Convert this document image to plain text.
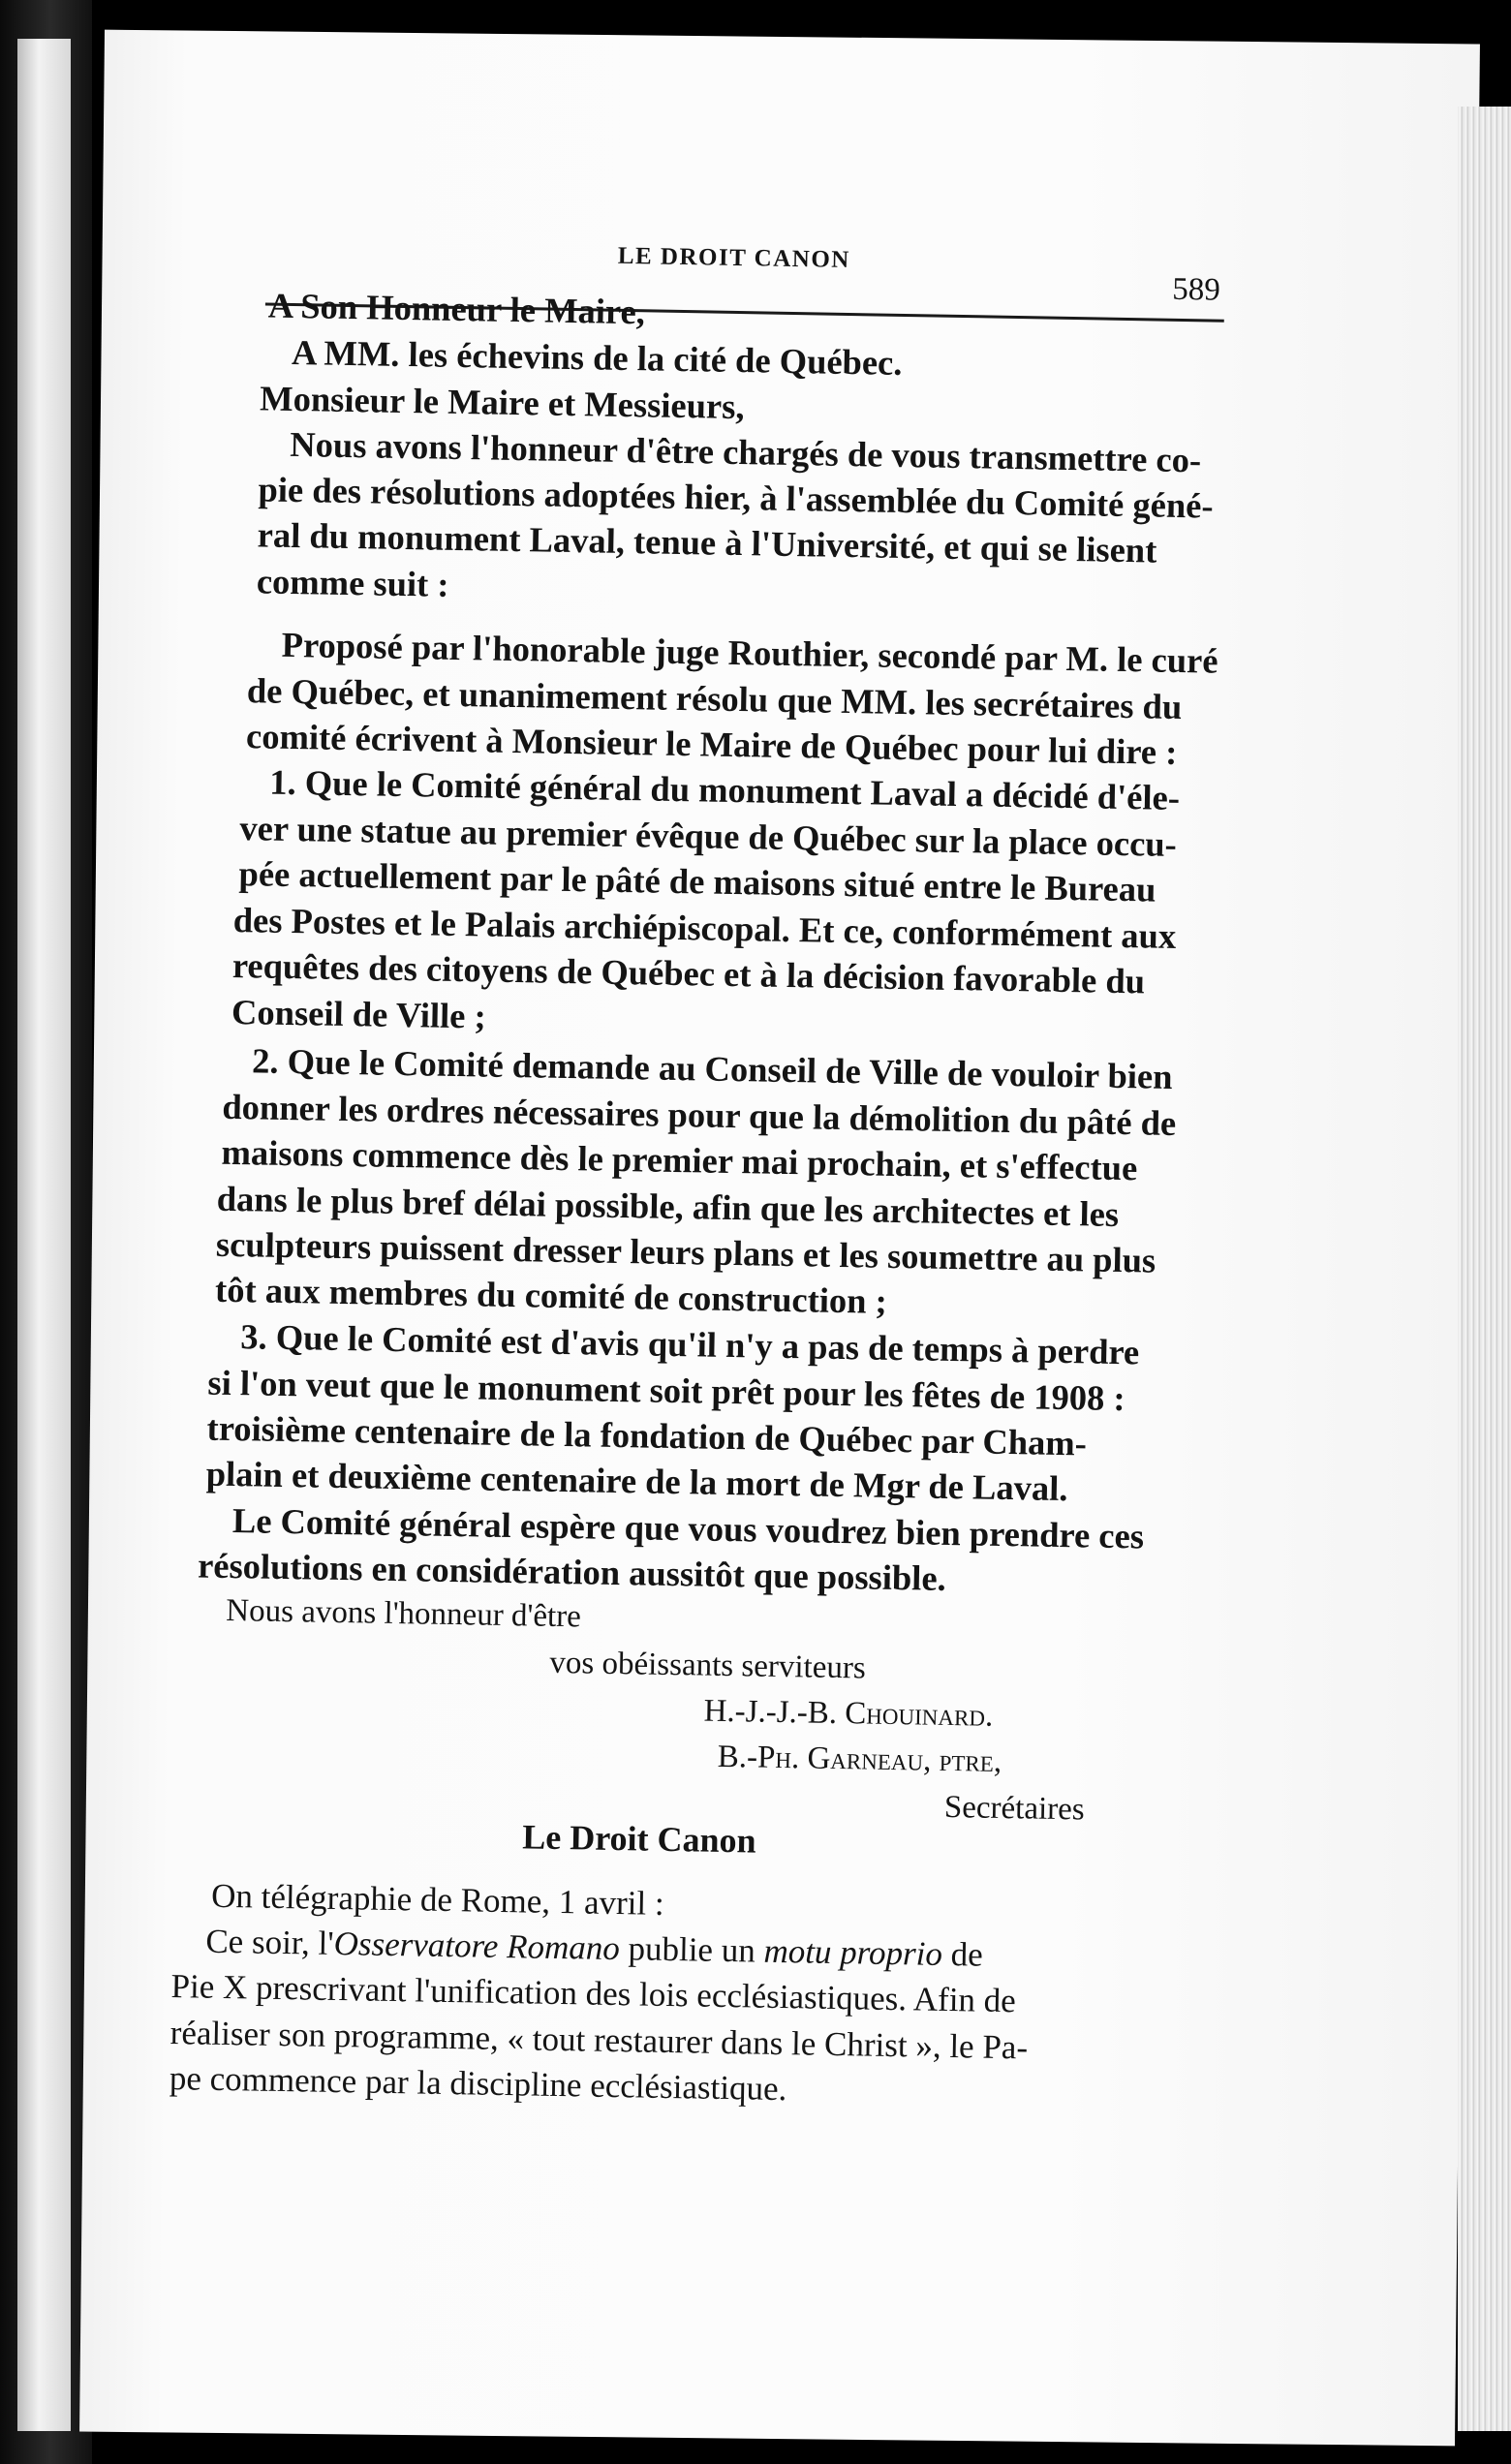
LE DROIT CANON
589
A Son Honneur le Maire,
A MM. les échevins de la cité de Québec.
Monsieur le Maire et Messieurs,
Nous avons l'honneur d'être chargés de vous transmettre co-
pie des résolutions adoptées hier, à l'assemblée du Comité géné-
ral du monument Laval, tenue à l'Université, et qui se lisent
comme suit :
Proposé par l'honorable juge Routhier, secondé par M. le curé
de Québec, et unanimement résolu que MM. les secrétaires du
comité écrivent à Monsieur le Maire de Québec pour lui dire :
1. Que le Comité général du monument Laval a décidé d'éle-
ver une statue au premier évêque de Québec sur la place occu-
pée actuellement par le pâté de maisons situé entre le Bureau
des Postes et le Palais archiépiscopal. Et ce, conformément aux
requêtes des citoyens de Québec et à la décision favorable du
Conseil de Ville ;
2. Que le Comité demande au Conseil de Ville de vouloir bien
donner les ordres nécessaires pour que la démolition du pâté de
maisons commence dès le premier mai prochain, et s'effectue
dans le plus bref délai possible, afin que les architectes et les
sculpteurs puissent dresser leurs plans et les soumettre au plus
tôt aux membres du comité de construction ;
3. Que le Comité est d'avis qu'il n'y a pas de temps à perdre
si l'on veut que le monument soit prêt pour les fêtes de 1908 :
troisième centenaire de la fondation de Québec par Cham-
plain et deuxième centenaire de la mort de Mgr de Laval.
Le Comité général espère que vous voudrez bien prendre ces
résolutions en considération aussitôt que possible.
Nous avons l'honneur d'être
vos obéissants serviteurs
H.-J.-J.-B. Chouinard.
B.-Ph. Garneau, ptre,
Secrétaires
Le Droit Canon
On télégraphie de Rome, 1 avril :
Ce soir, l'Osservatore Romano publie un motu proprio de
Pie X prescrivant l'unification des lois ecclésiastiques. Afin de
réaliser son programme, « tout restaurer dans le Christ », le Pa-
pe commence par la discipline ecclésiastique.
